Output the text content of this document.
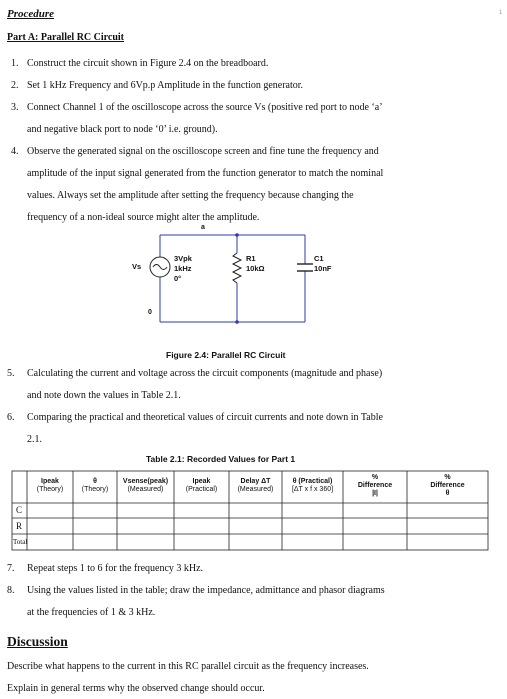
Procedure
Part A: Parallel RC Circuit
1. Construct the circuit shown in Figure 2.4 on the breadboard.
2. Set 1 kHz Frequency and 6Vp.p Amplitude in the function generator.
3. Connect Channel 1 of the oscilloscope across the source Vs (positive red port to node ‘a’
and negative black port to node ‘0’ i.e. ground).
4. Observe the generated signal on the oscilloscope screen and fine tune the frequency and
amplitude of the input signal generated from the function generator to match the nominal
values. Always set the amplitude after setting the frequency because changing the
frequency of a non-ideal source might alter the amplitude.
a
0
Vs
3Vpk
1kHz
0°
R1
10kΩ
C1
10nF
Figure 2.4: Parallel RC Circuit
5. Calculating the current and voltage across the circuit components (magnitude and phase)
and note down the values in Table 2.1.
6. Comparing the practical and theoretical values of circuit currents and note down in Table
2.1.
Table 2.1: Recorded Values for Part 1
Ipeak
(Theory)
θ
(Theory)
Vsense(peak)
(Measured)
Ipeak
(Practical)
Delay ΔT
(Measured)
θ (Practical)
[ΔT x f x 360]
%
Difference
|I|
%
Difference
θ
C
R
Total
7. Repeat steps 1 to 6 for the frequency 3 kHz.
8. Using the values listed in the table; draw the impedance, admittance and phasor diagrams
at the frequencies of 1 & 3 kHz.
Discussion
Describe what happens to the current in this RC parallel circuit as the frequency increases.
Explain in general terms why the observed change should occur.
1
